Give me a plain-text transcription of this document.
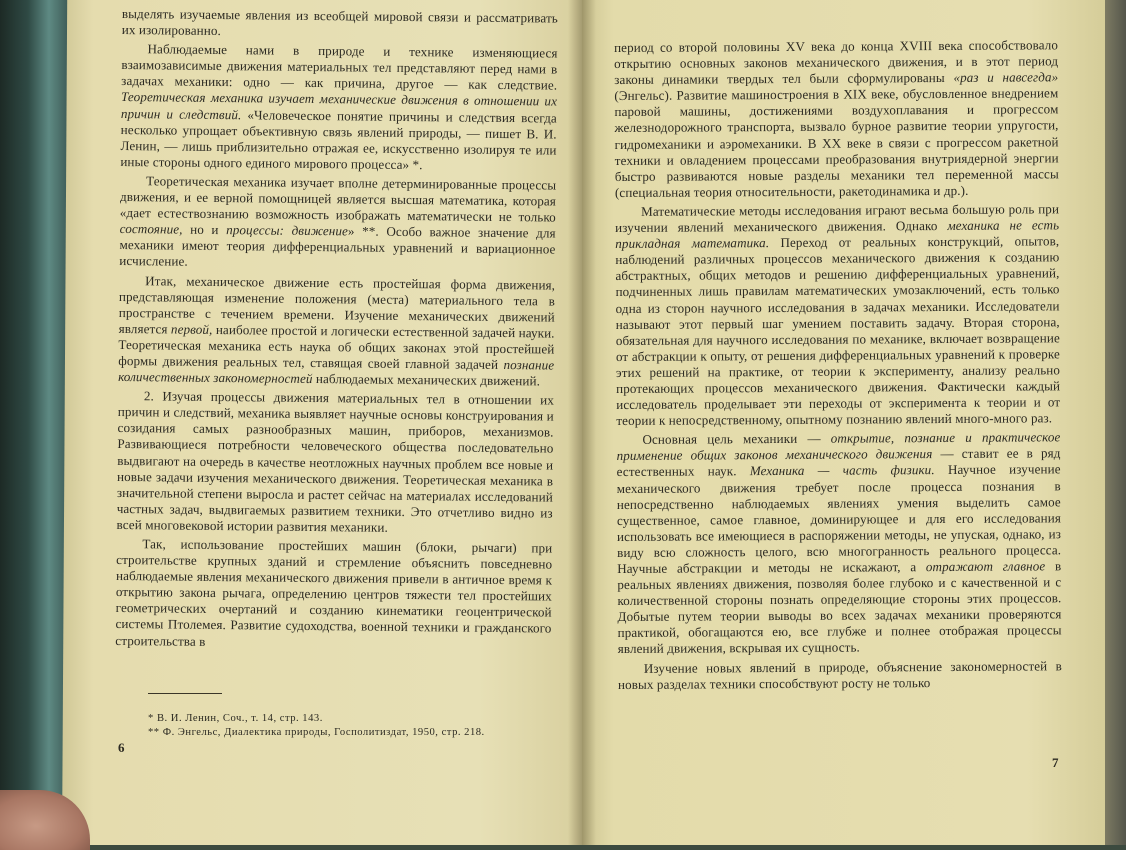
выделять изучаемые явления из всеобщей мировой связи и рассматривать их изолированно.

Наблюдаемые нами в природе и технике изменяющиеся взаимозависимые движения материальных тел представляют перед нами в задачах механики: одно — как причина, другое — как следствие. Теоретическая механика изучает механические движения в отношении их причин и следствий. «Человеческое понятие причины и следствия всегда несколько упрощает объективную связь явлений природы, — пишет В. И. Ленин, — лишь приблизительно отражая ее, искусственно изолируя те или иные стороны одного единого мирового процесса» *.

Теоретическая механика изучает вполне детерминированные процессы движения, и ее верной помощницей является высшая математика, которая «дает естествознанию возможность изображать математически не только состояние, но и процессы: движение» **. Особо важное значение для механики имеют теория дифференциальных уравнений и вариационное исчисление.

Итак, механическое движение есть простейшая форма движения, представляющая изменение положения (места) материального тела в пространстве с течением времени. Изучение механических движений является первой, наиболее простой и логически естественной задачей науки. Теоретическая механика есть наука об общих законах этой простейшей формы движения реальных тел, ставящая своей главной задачей познание количественных закономерностей наблюдаемых механических движений.

2. Изучая процессы движения материальных тел в отношении их причин и следствий, механика выявляет научные основы конструирования и созидания самых разнообразных машин, приборов, механизмов. Развивающиеся потребности человеческого общества последовательно выдвигают на очередь в качестве неотложных научных проблем все новые и новые задачи изучения механического движения. Теоретическая механика в значительной степени выросла и растет сейчас на материалах исследований частных задач, выдвигаемых развитием техники. Это отчетливо видно из всей многовековой истории развития механики.

Так, использование простейших машин (блоки, рычаги) при строительстве крупных зданий и стремление объяснить повседневно наблюдаемые явления механического движения привели в античное время к открытию закона рычага, определению центров тяжести тел простейших геометрических очертаний и созданию кинематики геоцентрической системы Птолемея. Развитие судоходства, военной техники и гражданского строительства в

* В. И. Ленин, Соч., т. 14, стр. 143.
** Ф. Энгельс, Диалектика природы, Госполитиздат, 1950, стр. 218.
6

период со второй половины XV века до конца XVIII века способствовало открытию основных законов механического движения, и в этот период законы динамики твердых тел были сформулированы «раз и навсегда» (Энгельс). Развитие машиностроения в XIX веке, обусловленное внедрением паровой машины, достижениями воздухоплавания и прогрессом железнодорожного транспорта, вызвало бурное развитие теории упругости, гидромеханики и аэромеханики. В XX веке в связи с прогрессом ракетной техники и овладением процессами преобразования внутриядерной энергии быстро развиваются новые разделы механики тел переменной массы (специальная теория относительности, ракетодинамика и др.).

Математические методы исследования играют весьма большую роль при изучении явлений механического движения. Однако механика не есть прикладная математика. Переход от реальных конструкций, опытов, наблюдений различных процессов механического движения к созданию абстрактных, общих методов и решению дифференциальных уравнений, подчиненных лишь правилам математических умозаключений, есть только одна из сторон научного исследования в задачах механики. Исследователи называют этот первый шаг умением поставить задачу. Вторая сторона, обязательная для научного исследования по механике, включает возвращение от абстракции к опыту, от решения дифференциальных уравнений к проверке этих решений на практике, от теории к эксперименту, анализу реально протекающих процессов механического движения. Фактически каждый исследователь проделывает эти переходы от эксперимента к теории и от теории к непосредственному, опытному познанию явлений много-много раз.

Основная цель механики — открытие, познание и практическое применение общих законов механического движения — ставит ее в ряд естественных наук. Механика — часть физики. Научное изучение механического движения требует после процесса познания в непосредственно наблюдаемых явлениях умения выделить самое существенное, самое главное, доминирующее и для его исследования использовать все имеющиеся в распоряжении методы, не упуская, однако, из виду всю сложность целого, всю многогранность реального процесса. Научные абстракции и методы не искажают, а отражают главное в реальных явлениях движения, позволяя более глубоко и с качественной и с количественной стороны познать определяющие стороны этих процессов. Добытые путем теории выводы во всех задачах механики проверяются практикой, обогащаются ею, все глубже и полнее отображая процессы явлений движения, вскрывая их сущность.

Изучение новых явлений в природе, объяснение закономерностей в новых разделах техники способствуют росту не только

7
